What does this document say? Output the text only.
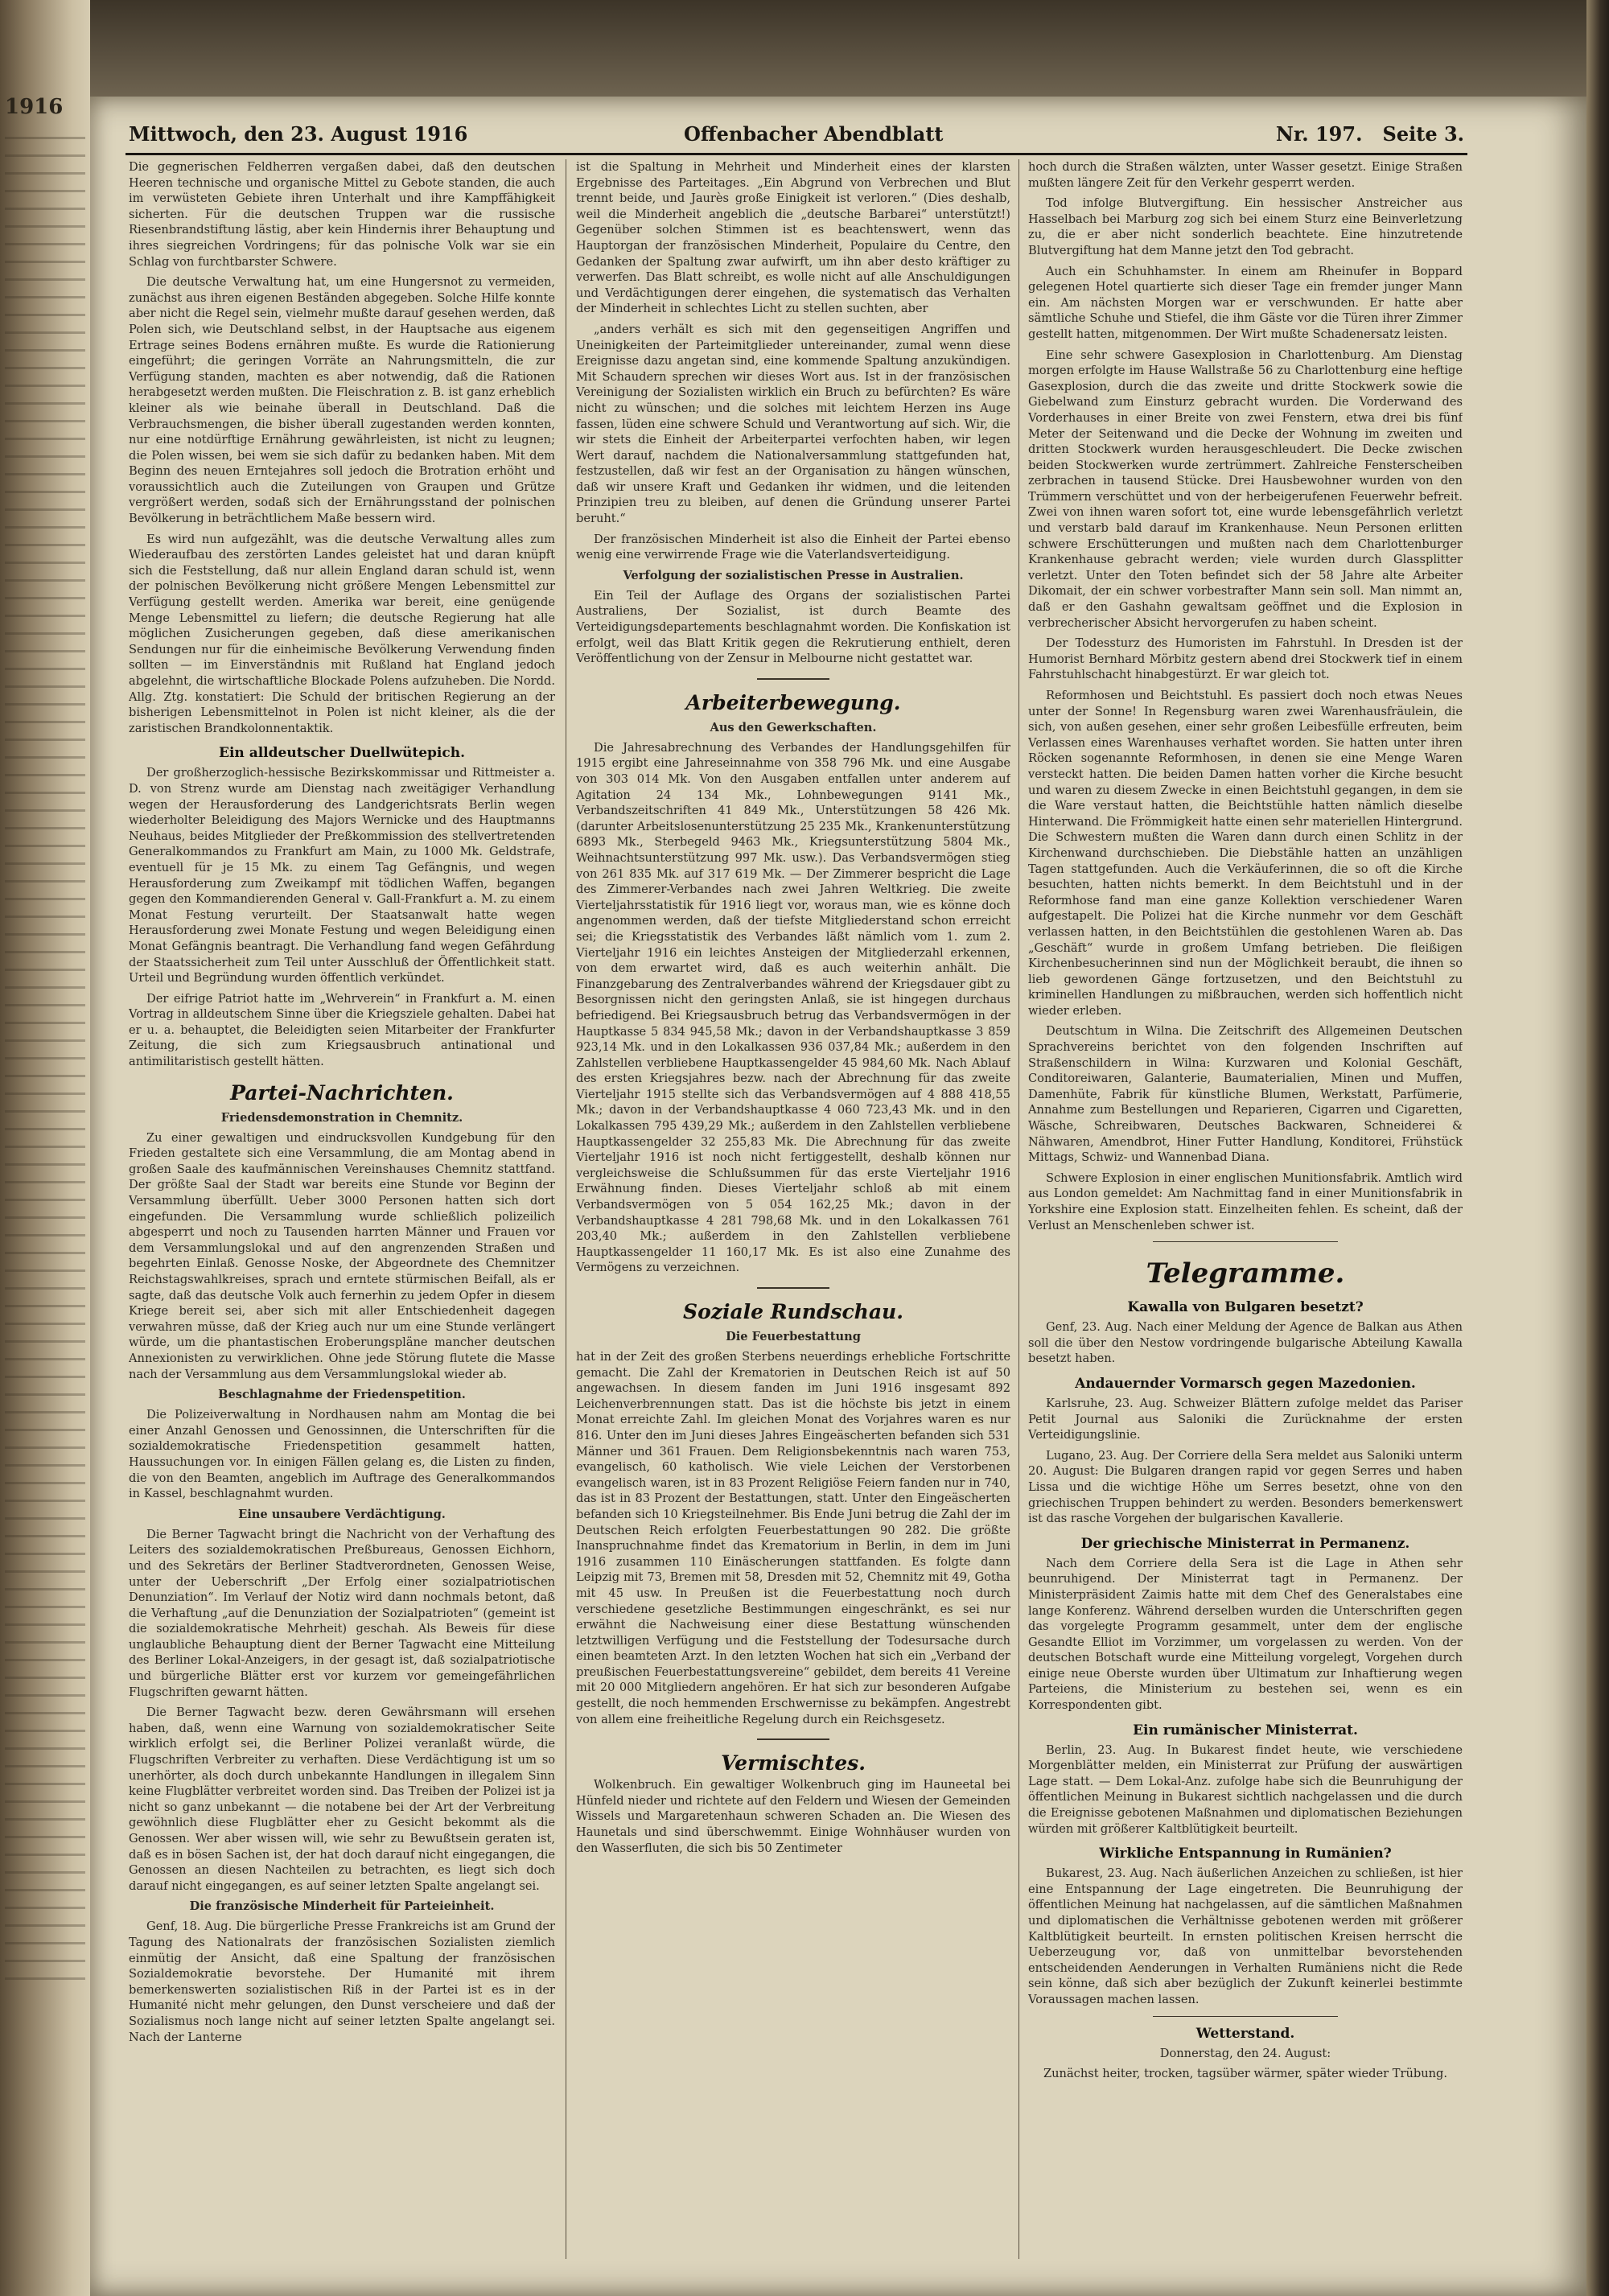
1916
Mittwoch, den 23. August 1916	Offenbacher Abendblatt	Nr. 197. Seite 3.

Die gegnerischen Feldherren vergaßen dabei, daß den deutschen Heeren technische und organische Mittel zu Gebote standen, die auch im verwüsteten Gebiete ihren Unterhalt und ihre Kampffähigkeit sicherten. Für die deutschen Truppen war die russische Riesenbrandstiftung lästig, aber kein Hindernis ihrer Behauptung und ihres siegreichen Vordringens; für das polnische Volk war sie ein Schlag von furchtbarster Schwere.

Die deutsche Verwaltung hat, um eine Hungersnot zu vermeiden, zunächst aus ihren eigenen Beständen abgegeben. Solche Hilfe konnte aber nicht die Regel sein, vielmehr mußte darauf gesehen werden, daß Polen sich, wie Deutschland selbst, in der Hauptsache aus eigenem Ertrage seines Bodens ernähren mußte. Es wurde die Rationierung eingeführt; die geringen Vorräte an Nahrungsmitteln, die zur Verfügung standen, machten es aber notwendig, daß die Rationen herabgesetzt werden mußten. Die Fleischration z. B. ist ganz erheblich kleiner als wie beinahe überall in Deutschland. Daß die Verbrauchsmengen, die bisher überall zugestanden werden konnten, nur eine notdürftige Ernährung gewährleisten, ist nicht zu leugnen; die Polen wissen, bei wem sie sich dafür zu bedanken haben. Mit dem Beginn des neuen Erntejahres soll jedoch die Brotration erhöht und voraussichtlich auch die Zuteilungen von Graupen und Grütze vergrößert werden, sodaß sich der Ernährungsstand der polnischen Bevölkerung in beträchtlichem Maße bessern wird.

Es wird nun aufgezählt, was die deutsche Verwaltung alles zum Wiederaufbau des zerstörten Landes geleistet hat und daran knüpft sich die Feststellung, daß nur allein England daran schuld ist, wenn der polnischen Bevölkerung nicht größere Mengen Lebensmittel zur Verfügung gestellt werden. Amerika war bereit, eine genügende Menge Lebensmittel zu liefern; die deutsche Regierung hat alle möglichen Zusicherungen gegeben, daß diese amerikanischen Sendungen nur für die einheimische Bevölkerung Verwendung finden sollten — im Einverständnis mit Rußland hat England jedoch abgelehnt, die wirtschaftliche Blockade Polens aufzuheben. Die Nordd. Allg. Ztg. konstatiert: Die Schuld der britischen Regierung an der bisherigen Lebensmittelnot in Polen ist nicht kleiner, als die der zaristischen Brandkolonnentaktik.

Ein alldeutscher Duellwütерich.

Der großherzoglich-hessische Bezirkskommissar und Rittmeister a. D. von Strenz wurde am Dienstag nach zweitägiger Verhandlung wegen der Herausforderung des Landgerichtsrats Berlin wegen wiederholter Beleidigung des Majors Wernicke und des Hauptmanns Neuhaus, beides Mitglieder der Preßkommission des stellvertretenden Generalkommandos zu Frankfurt am Main, zu 1000 Mk. Geldstrafe, eventuell für je 15 Mk. zu einem Tag Gefängnis, und wegen Herausforderung zum Zweikampf mit tödlichen Waffen, begangen gegen den Kommandierenden General v. Gall-Frankfurt a. M. zu einem Monat Festung verurteilt. Der Staatsanwalt hatte wegen Herausforderung zwei Monate Festung und wegen Beleidigung einen Monat Gefängnis beantragt. Die Verhandlung fand wegen Gefährdung der Staatssicherheit zum Teil unter Ausschluß der Öffentlichkeit statt. Urteil und Begründung wurden öffentlich verkündet.

Der eifrige Patriot hatte im „Wehrverein“ in Frankfurt a. M. einen Vortrag in alldeutschem Sinne über die Kriegsziele gehalten. Dabei hat er u. a. behauptet, die Beleidigten seien Mitarbeiter der Frankfurter Zeitung, die sich zum Kriegsausbruch antinational und antimilitaristisch gestellt hätten.

Partei-Nachrichten.
Friedensdemonstration in Chemnitz.

Zu einer gewaltigen und eindrucksvollen Kundgebung für den Frieden gestaltete sich eine Versammlung, die am Montag abend in großen Saale des kaufmännischen Vereinshauses Chemnitz stattfand. Der größte Saal der Stadt war bereits eine Stunde vor Beginn der Versammlung überfüllt. Ueber 3000 Personen hatten sich dort eingefunden. Die Versammlung wurde schließlich polizeilich abgesperrt und noch zu Tausenden harrten Männer und Frauen vor dem Versammlungslokal und auf den angrenzenden Straßen und begehrten Einlaß. Genosse Noske, der Abgeordnete des Chemnitzer Reichstagswahlkreises, sprach und erntete stürmischen Beifall, als er sagte, daß das deutsche Volk auch fernerhin zu jedem Opfer in diesem Kriege bereit sei, aber sich mit aller Entschiedenheit dagegen verwahren müsse, daß der Krieg auch nur um eine Stunde verlängert würde, um die phantastischen Eroberungspläne mancher deutschen Annexionisten zu verwirklichen. Ohne jede Störung flutete die Masse nach der Versammlung aus dem Versammlungslokal wieder ab.

Beschlagnahme der Friedenspetition.

Die Polizeiverwaltung in Nordhausen nahm am Montag die bei einer Anzahl Genossen und Genossinnen, die Unterschriften für die sozialdemokratische Friedenspetition gesammelt hatten, Haussuchungen vor. In einigen Fällen gelang es, die Listen zu finden, die von den Beamten, angeblich im Auftrage des Generalkommandos in Kassel, beschlagnahmt wurden.

Eine unsaubere Verdächtigung.

Die Berner Tagwacht bringt die Nachricht von der Verhaftung des Leiters des sozialdemokratischen Preßbureaus, Genossen Eichhorn, und des Sekretärs der Berliner Stadtverordneten, Genossen Weise, unter der Ueberschrift „Der Erfolg einer sozialpatriotischen Denunziation“. Im Verlauf der Notiz wird dann nochmals betont, daß die Verhaftung „auf die Denunziation der Sozialpatrioten“ (gemeint ist die sozialdemokratische Mehrheit) geschah. Als Beweis für diese unglaubliche Behauptung dient der Berner Tagwacht eine Mitteilung des Berliner Lokal-Anzeigers, in der gesagt ist, daß sozialpatriotische und bürgerliche Blätter erst vor kurzem vor gemeingefährlichen Flugschriften gewarnt hätten.

Die Berner Tagwacht bezw. deren Gewährsmann will ersehen haben, daß, wenn eine Warnung von sozialdemokratischer Seite wirklich erfolgt sei, die Berliner Polizei veranlaßt würde, die Flugschriften Verbreiter zu verhaften. Diese Verdächtigung ist um so unerhörter, als doch durch unbekannte Handlungen in illegalem Sinn keine Flugblätter verbreitet worden sind. Das Treiben der Polizei ist ja nicht so ganz unbekannt — die notabene bei der Art der Verbreitung gewöhnlich diese Flugblätter eher zu Gesicht bekommt als die Genossen. Wer aber wissen will, wie sehr zu Bewußtsein geraten ist, daß es in bösen Sachen ist, der hat doch darauf nicht eingegangen, die Genossen an diesen Nachteilen zu betrachten, es liegt sich doch darauf nicht eingegangen, es auf seiner letzten Spalte angelangt sei.

Die französische Minderheit für Parteieinheit.

Genf, 18. Aug. Die bürgerliche Presse Frankreichs ist am Grund der Tagung des Nationalrats der französischen Sozialisten ziemlich einmütig der Ansicht, daß eine Spaltung der französischen Sozialdemokratie bevorstehe. Der Humanité mit ihrem bemerkenswerten sozialistischen Riß in der Partei ist es in der Humanité nicht mehr gelungen, den Dunst verscheiere und daß der Sozialismus noch lange nicht auf seiner letzten Spalte angelangt sei. Nach der Lanterne

ist die Spaltung in Mehrheit und Minderheit eines der klarsten Ergebnisse des Parteitages. „Ein Abgrund von Verbrechen und Blut trennt beide, und Jaurès große Einigkeit ist verloren.“ (Dies deshalb, weil die Minderheit angeblich die „deutsche Barbarei“ unterstützt!) Gegenüber solchen Stimmen ist es beachtenswert, wenn das Hauptorgan der französischen Minderheit, Populaire du Centre, den Gedanken der Spaltung zwar aufwirft, um ihn aber desto kräftiger zu verwerfen. Das Blatt schreibt, es wolle nicht auf alle Anschuldigungen und Verdächtigungen derer eingehen, die systematisch das Verhalten der Minderheit in schlechtes Licht zu stellen suchten, aber

„anders verhält es sich mit den gegenseitigen Angriffen und Uneinigkeiten der Parteimitglieder untereinander, zumal wenn diese Ereignisse dazu angetan sind, eine kommende Spaltung anzukündigen. Mit Schaudern sprechen wir dieses Wort aus. Ist in der französischen Vereinigung der Sozialisten wirklich ein Bruch zu befürchten? Es wäre nicht zu wünschen; und die solches mit leichtem Herzen ins Auge fassen, lüden eine schwere Schuld und Verantwortung auf sich. Wir, die wir stets die Einheit der Arbeiterpartei verfochten haben, wir legen Wert darauf, nachdem die Nationalversammlung stattgefunden hat, festzustellen, daß wir fest an der Organisation zu hängen wünschen, daß wir unsere Kraft und Gedanken ihr widmen, und die leitenden Prinzipien treu zu bleiben, auf denen die Gründung unserer Partei beruht.“

Der französischen Minderheit ist also die Einheit der Partei ebenso wenig eine verwirrende Frage wie die Vaterlandsverteidigung.

Verfolgung der sozialistischen Presse in Australien.

Ein Teil der Auflage des Organs der sozialistischen Partei Australiens, Der Sozialist, ist durch Beamte des Verteidigungsdepartements beschlagnahmt worden. Die Konfiskation ist erfolgt, weil das Blatt Kritik gegen die Rekrutierung enthielt, deren Veröffentlichung von der Zensur in Melbourne nicht gestattet war.

Arbeiterbewegung.
Aus den Gewerkschaften.

Die Jahresabrechnung des Verbandes der Handlungsgehilfen für 1915 ergibt eine Jahreseinnahme von 358 796 Mk. und eine Ausgabe von 303 014 Mk. Von den Ausgaben entfallen unter anderem auf Agitation 24 134 Mk., Lohnbewegungen 9141 Mk., Verbandszeitschriften 41 849 Mk., Unterstützungen 58 426 Mk. (darunter Arbeitslosenunterstützung 25 235 Mk., Krankenunterstützung 6893 Mk., Sterbegeld 9463 Mk., Kriegsunterstützung 5804 Mk., Weihnachtsunterstützung 997 Mk. usw.). Das Verbandsvermögen stieg von 261 835 Mk. auf 317 619 Mk. — Der Zimmerer bespricht die Lage des Zimmerer-Verbandes nach zwei Jahren Weltkrieg. Die zweite Vierteljahrsstatistik für 1916 liegt vor, woraus man, wie es könne doch angenommen werden, daß der tiefste Mitgliederstand schon erreicht sei; die Kriegsstatistik des Verbandes läßt nämlich vom 1. zum 2. Vierteljahr 1916 ein leichtes Ansteigen der Mitgliederzahl erkennen, von dem erwartet wird, daß es auch weiterhin anhält. Die Finanzgebarung des Zentralverbandes während der Kriegsdauer gibt zu Besorgnissen nicht den geringsten Anlaß, sie ist hingegen durchaus befriedigend. Bei Kriegsausbruch betrug das Verbandsvermögen in der Hauptkasse 5 834 945,58 Mk.; davon in der Verbandshauptkasse 3 859 923,14 Mk. und in den Lokalkassen 936 037,84 Mk.; außerdem in den Zahlstellen verbliebene Hauptkassengelder 45 984,60 Mk. Nach Ablauf des ersten Kriegsjahres bezw. nach der Abrechnung für das zweite Vierteljahr 1915 stellte sich das Verbandsvermögen auf 4 888 418,55 Mk.; davon in der Verbandshauptkasse 4 060 723,43 Mk. und in den Lokalkassen 795 439,29 Mk.; außerdem in den Zahlstellen verbliebene Hauptkassengelder 32 255,83 Mk. Die Abrechnung für das zweite Vierteljahr 1916 ist noch nicht fertiggestellt, deshalb können nur vergleichsweise die Schlußsummen für das erste Vierteljahr 1916 Erwähnung finden. Dieses Vierteljahr schloß ab mit einem Verbandsvermögen von 5 054 162,25 Mk.; davon in der Verbandshauptkasse 4 281 798,68 Mk. und in den Lokalkassen 761 203,40 Mk.; außerdem in den Zahlstellen verbliebene Hauptkassengelder 11 160,17 Mk. Es ist also eine Zunahme des Vermögens zu verzeichnen.

Soziale Rundschau.
Die Feuerbestattung

hat in der Zeit des großen Sterbens neuerdings erhebliche Fortschritte gemacht. Die Zahl der Krematorien in Deutschen Reich ist auf 50 angewachsen. In diesem fanden im Juni 1916 insgesamt 892 Leichenverbrennungen statt. Das ist die höchste bis jetzt in einem Monat erreichte Zahl. Im gleichen Monat des Vorjahres waren es nur 816. Unter den im Juni dieses Jahres Eingeäscherten befanden sich 531 Männer und 361 Frauen. Dem Religionsbekenntnis nach waren 753, evangelisch, 60 katholisch. Wie viele Leichen der Verstorbenen evangelisch waren, ist in 83 Prozent Religiöse Feiern fanden nur in 740, das ist in 83 Prozent der Bestattungen, statt. Unter den Eingeäscherten befanden sich 10 Kriegsteilnehmer. Bis Ende Juni betrug die Zahl der im Deutschen Reich erfolgten Feuerbestattungen 90 282. Die größte Inanspruchnahme findet das Krematorium in Berlin, in dem im Juni 1916 zusammen 110 Einäscherungen stattfanden. Es folgte dann Leipzig mit 73, Bremen mit 58, Dresden mit 52, Chemnitz mit 49, Gotha mit 45 usw. In Preußen ist die Feuerbestattung noch durch verschiedene gesetzliche Bestimmungen eingeschränkt, es sei nur erwähnt die Nachweisung einer diese Bestattung wünschenden letztwilligen Verfügung und die Feststellung der Todesursache durch einen beamteten Arzt. In den letzten Wochen hat sich ein „Verband der preußischen Feuerbestattungsvereine“ gebildet, dem bereits 41 Vereine mit 20 000 Mitgliedern angehören. Er hat sich zur besonderen Aufgabe gestellt, die noch hemmenden Erschwernisse zu bekämpfen. Angestrebt von allem eine freiheitliche Regelung durch ein Reichsgesetz.

Vermischtes.

Wolkenbruch. Ein gewaltiger Wolkenbruch ging im Hauneetal bei Hünfeld nieder und richtete auf den Feldern und Wiesen der Gemeinden Wissels und Margaretenhaun schweren Schaden an. Die Wiesen des Haunetals und sind überschwemmt. Einige Wohnhäuser wurden von den Wasserfluten, die sich bis 50 Zentimeter

hoch durch die Straßen wälzten, unter Wasser gesetzt. Einige Straßen mußten längere Zeit für den Verkehr gesperrt werden.

Tod infolge Blutvergiftung. Ein hessischer Anstreicher aus Hasselbach bei Marburg zog sich bei einem Sturz eine Beinverletzung zu, die er aber nicht sonderlich beachtete. Eine hinzutretende Blutvergiftung hat dem Manne jetzt den Tod gebracht.

Auch ein Schuhhamster. In einem am Rheinufer in Boppard gelegenen Hotel quartierte sich dieser Tage ein fremder junger Mann ein. Am nächsten Morgen war er verschwunden. Er hatte aber sämtliche Schuhe und Stiefel, die ihm Gäste vor die Türen ihrer Zimmer gestellt hatten, mitgenommen. Der Wirt mußte Schadenersatz leisten.

Eine sehr schwere Gasexplosion in Charlottenburg. Am Dienstag morgen erfolgte im Hause Wallstraße 56 zu Charlottenburg eine heftige Gasexplosion, durch die das zweite und dritte Stockwerk sowie die Giebelwand zum Einsturz gebracht wurden. Die Vorderwand des Vorderhauses in einer Breite von zwei Fenstern, etwa drei bis fünf Meter der Seitenwand und die Decke der Wohnung im zweiten und dritten Stockwerk wurden herausgeschleudert. Die Decke zwischen beiden Stockwerken wurde zertrümmert. Zahlreiche Fensterscheiben zerbrachen in tausend Stücke. Drei Hausbewohner wurden von den Trümmern verschüttet und von der herbeigerufenen Feuerwehr befreit. Zwei von ihnen waren sofort tot, eine wurde lebensgefährlich verletzt und verstarb bald darauf im Krankenhause. Neun Personen erlitten schwere Erschütterungen und mußten nach dem Charlottenburger Krankenhause gebracht werden; viele wurden durch Glassplitter verletzt. Unter den Toten befindet sich der 58 Jahre alte Arbeiter Dikomait, der ein schwer vorbestrafter Mann sein soll. Man nimmt an, daß er den Gashahn gewaltsam geöffnet und die Explosion in verbrecherischer Absicht hervorgerufen zu haben scheint.

Der Todessturz des Humoristen im Fahrstuhl. In Dresden ist der Humorist Bernhard Mörbitz gestern abend drei Stockwerk tief in einem Fahrstuhlschacht hinabgestürzt. Er war gleich tot.

Reformhosen und Beichtstuhl. Es passiert doch noch etwas Neues unter der Sonne! In Regensburg waren zwei Warenhausfräulein, die sich, von außen gesehen, einer sehr großen Leibesfülle erfreuten, beim Verlassen eines Warenhauses verhaftet worden. Sie hatten unter ihren Röcken sogenannte Reformhosen, in denen sie eine Menge Waren versteckt hatten. Die beiden Damen hatten vorher die Kirche besucht und waren zu diesem Zwecke in einen Beichtstuhl gegangen, in dem sie die Ware verstaut hatten, die Beichtstühle hatten nämlich dieselbe Hinterwand. Die Frömmigkeit hatte einen sehr materiellen Hintergrund. Die Schwestern mußten die Waren dann durch einen Schlitz in der Kirchenwand durchschieben. Die Diebstähle hatten an unzähligen Tagen stattgefunden. Auch die Verkäuferinnen, die so oft die Kirche besuchten, hatten nichts bemerkt. In dem Beichtstuhl und in der Reformhose fand man eine ganze Kollektion verschiedener Waren aufgestapelt. Die Polizei hat die Kirche nunmehr vor dem Geschäft verlassen hatten, in den Beichtstühlen die gestohlenen Waren ab. Das „Geschäft“ wurde in großem Umfang betrieben. Die fleißigen Kirchenbesucherinnen sind nun der Möglichkeit beraubt, die ihnen so lieb gewordenen Gänge fortzusetzen, und den Beichtstuhl zu kriminellen Handlungen zu mißbrauchen, werden sich hoffentlich nicht wieder erleben.

Deutschtum in Wilna. Die Zeitschrift des Allgemeinen Deutschen Sprachvereins berichtet von den folgenden Inschriften auf Straßenschildern in Wilna: Kurzwaren und Kolonial Geschäft, Conditoreiwaren, Galanterie, Baumaterialien, Minen und Muffen, Damenhüte, Fabrik für künstliche Blumen, Werkstatt, Parfümerie, Annahme zum Bestellungen und Reparieren, Cigarren und Cigaretten, Wäsche, Schreibwaren, Deutsches Backwaren, Schneiderei & Nähwaren, Amendbrot, Hiner Futter Handlung, Konditorei, Frühstück Mittags, Schwiz- und Wannenbad Diana.

Schwere Explosion in einer englischen Munitionsfabrik. Amtlich wird aus London gemeldet: Am Nachmittag fand in einer Munitionsfabrik in Yorkshire eine Explosion statt. Einzelheiten fehlen. Es scheint, daß der Verlust an Menschenleben schwer ist.

Telegramme.
Kawalla von Bulgaren besetzt?

Genf, 23. Aug. Nach einer Meldung der Agence de Balkan aus Athen soll die über den Nestow vordringende bulgarische Abteilung Kawalla besetzt haben.

Andauernder Vormarsch gegen Mazedonien.

Karlsruhe, 23. Aug. Schweizer Blättern zufolge meldet das Pariser Petit Journal aus Saloniki die Zurücknahme der ersten Verteidigungslinie.

Lugano, 23. Aug. Der Corriere della Sera meldet aus Saloniki unterm 20. August: Die Bulgaren drangen rapid vor gegen Serres und haben Lissa und die wichtige Höhe um Serres besetzt, ohne von den griechischen Truppen behindert zu werden. Besonders bemerkenswert ist das rasche Vorgehen der bulgarischen Kavallerie.

Der griechische Ministerrat in Permanenz.

Nach dem Corriere della Sera ist die Lage in Athen sehr beunruhigend. Der Ministerrat tagt in Permanenz. Der Ministerpräsident Zaimis hatte mit dem Chef des Generalstabes eine lange Konferenz. Während derselben wurden die Unterschriften gegen das vorgelegte Programm gesammelt, unter dem der englische Gesandte Elliot im Vorzimmer, um vorgelassen zu werden. Von der deutschen Botschaft wurde eine Mitteilung vorgelegt, Vorgehen durch einige neue Oberste wurden über Ultimatum zur Inhaftierung wegen Parteiens, die Ministerium zu bestehen sei, wenn es ein Korrespondenten gibt.

Ein rumänischer Ministerrat.

Berlin, 23. Aug. In Bukarest findet heute, wie verschiedene Morgenblätter melden, ein Ministerrat zur Prüfung der auswärtigen Lage statt. — Dem Lokal-Anz. zufolge habe sich die Beunruhigung der öffentlichen Meinung in Bukarest sichtlich nachgelassen und die durch die Ereignisse gebotenen Maßnahmen und diplomatischen Beziehungen würden mit größerer Kaltblütigkeit beurteilt.

Wirkliche Entspannung in Rumänien?

Bukarest, 23. Aug. Nach äußerlichen Anzeichen zu schließen, ist hier eine Entspannung der Lage eingetreten. Die Beunruhigung der öffentlichen Meinung hat nachgelassen, auf die sämtlichen Maßnahmen und diplomatischen die Verhältnisse gebotenen werden mit größerer Kaltblütigkeit beurteilt. In ernsten politischen Kreisen herrscht die Ueberzeugung vor, daß von unmittelbar bevorstehenden entscheidenden Aenderungen in Verhalten Rumäniens nicht die Rede sein könne, daß sich aber bezüglich der Zukunft keinerlei bestimmte Voraussagen machen lassen.

Wetterstand.

Donnerstag, den 24. August:

Zunächst heiter, trocken, tagsüber wärmer, später wieder Trübung.
